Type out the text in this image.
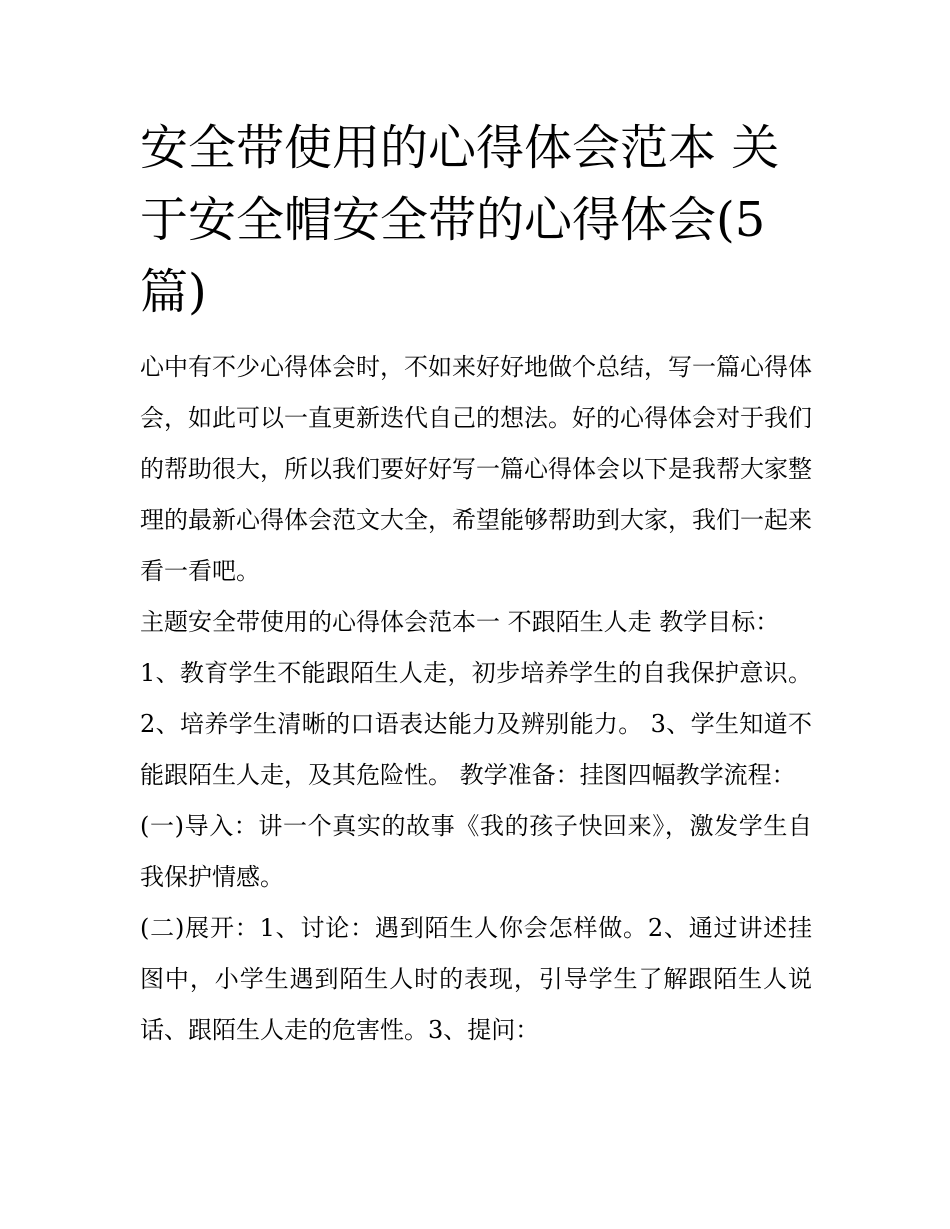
安全带使用的心得体会范本 关于安全帽安全带的心得体会(5篇)

心中有不少心得体会时，不如来好好地做个总结，写一篇心得体会，如此可以一直更新迭代自己的想法。好的心得体会对于我们的帮助很大，所以我们要好好写一篇心得体会以下是我帮大家整理的最新心得体会范文大全，希望能够帮助到大家，我们一起来看一看吧。

主题安全带使用的心得体会范本一 不跟陌生人走 教学目标：

1、教育学生不能跟陌生人走，初步培养学生的自我保护意识。2、培养学生清晰的口语表达能力及辨别能力。 3、学生知道不能跟陌生人走，及其危险性。 教学准备：挂图四幅教学流程：

(一)导入：讲一个真实的故事《我的孩子快回来》，激发学生自我保护情感。

(二)展开：1、讨论：遇到陌生人你会怎样做。2、通过讲述挂图中，小学生遇到陌生人时的表现，引导学生了解跟陌生人说话、跟陌生人走的危害性。3、提问：
